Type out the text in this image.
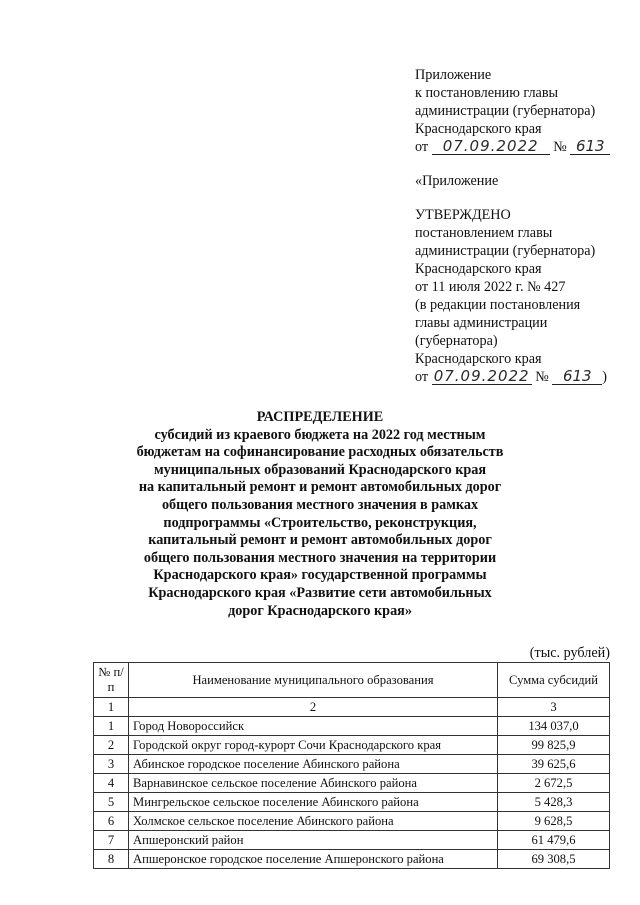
Приложение
к постановлению главы
администрации (губернатора)
Краснодарского края
от 07.09.2022 № 613
«Приложение
УТВЕРЖДЕНО
постановлением главы
администрации (губернатора)
Краснодарского края
от 11 июля 2022 г. № 427
(в редакции постановления
главы администрации
(губернатора)
Краснодарского края
от 07.09.2022 № 613 )
РАСПРЕДЕЛЕНИЕ
субсидий из краевого бюджета на 2022 год местным
бюджетам на софинансирование расходных обязательств
муниципальных образований Краснодарского края
на капитальный ремонт и ремонт автомобильных дорог
общего пользования местного значения в рамках
подпрограммы «Строительство, реконструкция,
капитальный ремонт и ремонт автомобильных дорог
общего пользования местного значения на территории
Краснодарского края» государственной программы
Краснодарского края «Развитие сети автомобильных
дорог Краснодарского края»
(тыс. рублей)
№ п/п	Наименование муниципального образования	Сумма субсидий
1	2	3
1	Город Новороссийск	134 037,0
2	Городской округ город-курорт Сочи Краснодарского края	99 825,9
3	Абинское городское поселение Абинского района	39 625,6
4	Варнавинское сельское поселение Абинского района	2 672,5
5	Мингрельское сельское поселение Абинского района	5 428,3
6	Холмское сельское поселение Абинского района	9 628,5
7	Апшеронский район	61 479,6
8	Апшеронское городское поселение Апшеронского района	69 308,5
